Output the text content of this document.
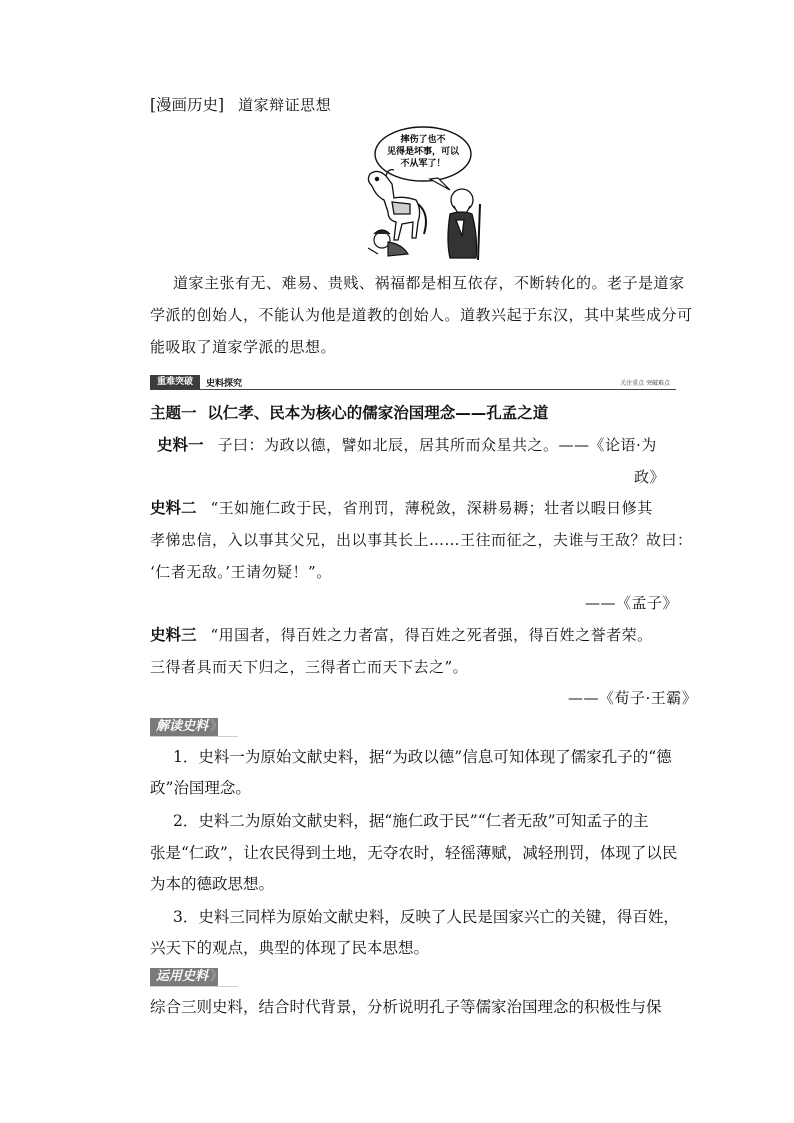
[漫画历史] 道家辩证思想
摔伤了也不
见得是坏事，可以
不从军了！
道家主张有无、难易、贵贱、祸福都是相互依存，不断转化的。老子是道家
学派的创始人，不能认为他是道教的创始人。道教兴起于东汉，其中某些成分可
能吸取了道家学派的思想。
重难突破	史料探究	关注重点 突破难点
主题一  以仁孝、民本为核心的儒家治国理念——孔孟之道
史料一 子曰：为政以德，譬如北辰，居其所而众星共之。——《论语·为
政》
史料二 “王如施仁政于民，省刑罚，薄税敛，深耕易耨；壮者以暇日修其
孝悌忠信，入以事其父兄，出以事其长上……王往而征之，夫谁与王敌？故曰：
‘仁者无敌。’王请勿疑！”。
——《孟子》
史料三 “用国者，得百姓之力者富，得百姓之死者强，得百姓之誉者荣。
三得者具而天下归之，三得者亡而天下去之”。
——《荀子·王霸》
解读史料 》
1．史料一为原始文献史料，据“为政以德”信息可知体现了儒家孔子的“德
政”治国理念。
2．史料二为原始文献史料，据“施仁政于民”“仁者无敌”可知孟子的主
张是“仁政”，让农民得到土地，无夺农时，轻徭薄赋，减轻刑罚，体现了以民
为本的德政思想。
3．史料三同样为原始文献史料，反映了人民是国家兴亡的关键，得百姓，
兴天下的观点，典型的体现了民本思想。
运用史料 》
综合三则史料，结合时代背景，分析说明孔子等儒家治国理念的积极性与保
